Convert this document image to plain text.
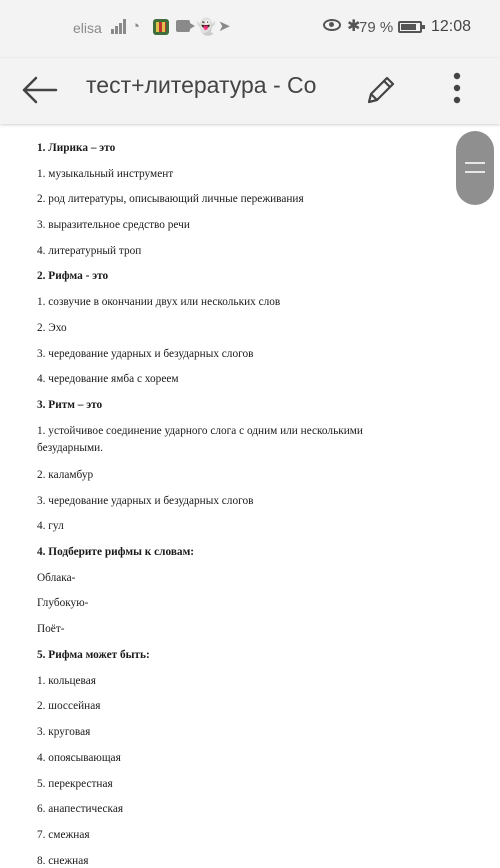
elisa ◔	👻 ➤	✱
79 % 12:08
тест+литература - Со
1. Лирика – это
1. музыкальный инструмент
2. род литературы, описывающий личные переживания
3. выразительное средство речи
4. литературный троп
2. Рифма - это
1. созвучие в окончании двух или нескольких слов
2. Эхо
3. чередование ударных и безударных слогов
4. чередование ямба с хореем
3. Ритм – это
1. устойчивое соединение ударного слога с одним или несколькими
безударными.
2. каламбур
3. чередование ударных и безударных слогов
4. гул
4. Подберите рифмы к словам:
Облака-
Глубокую-
Поёт-
5. Рифма может быть:
1. кольцевая
2. шоссейная
3. круговая
4. опоясывающая
5. перекрестная
6. анапестическая
7. смежная
8. снежная
